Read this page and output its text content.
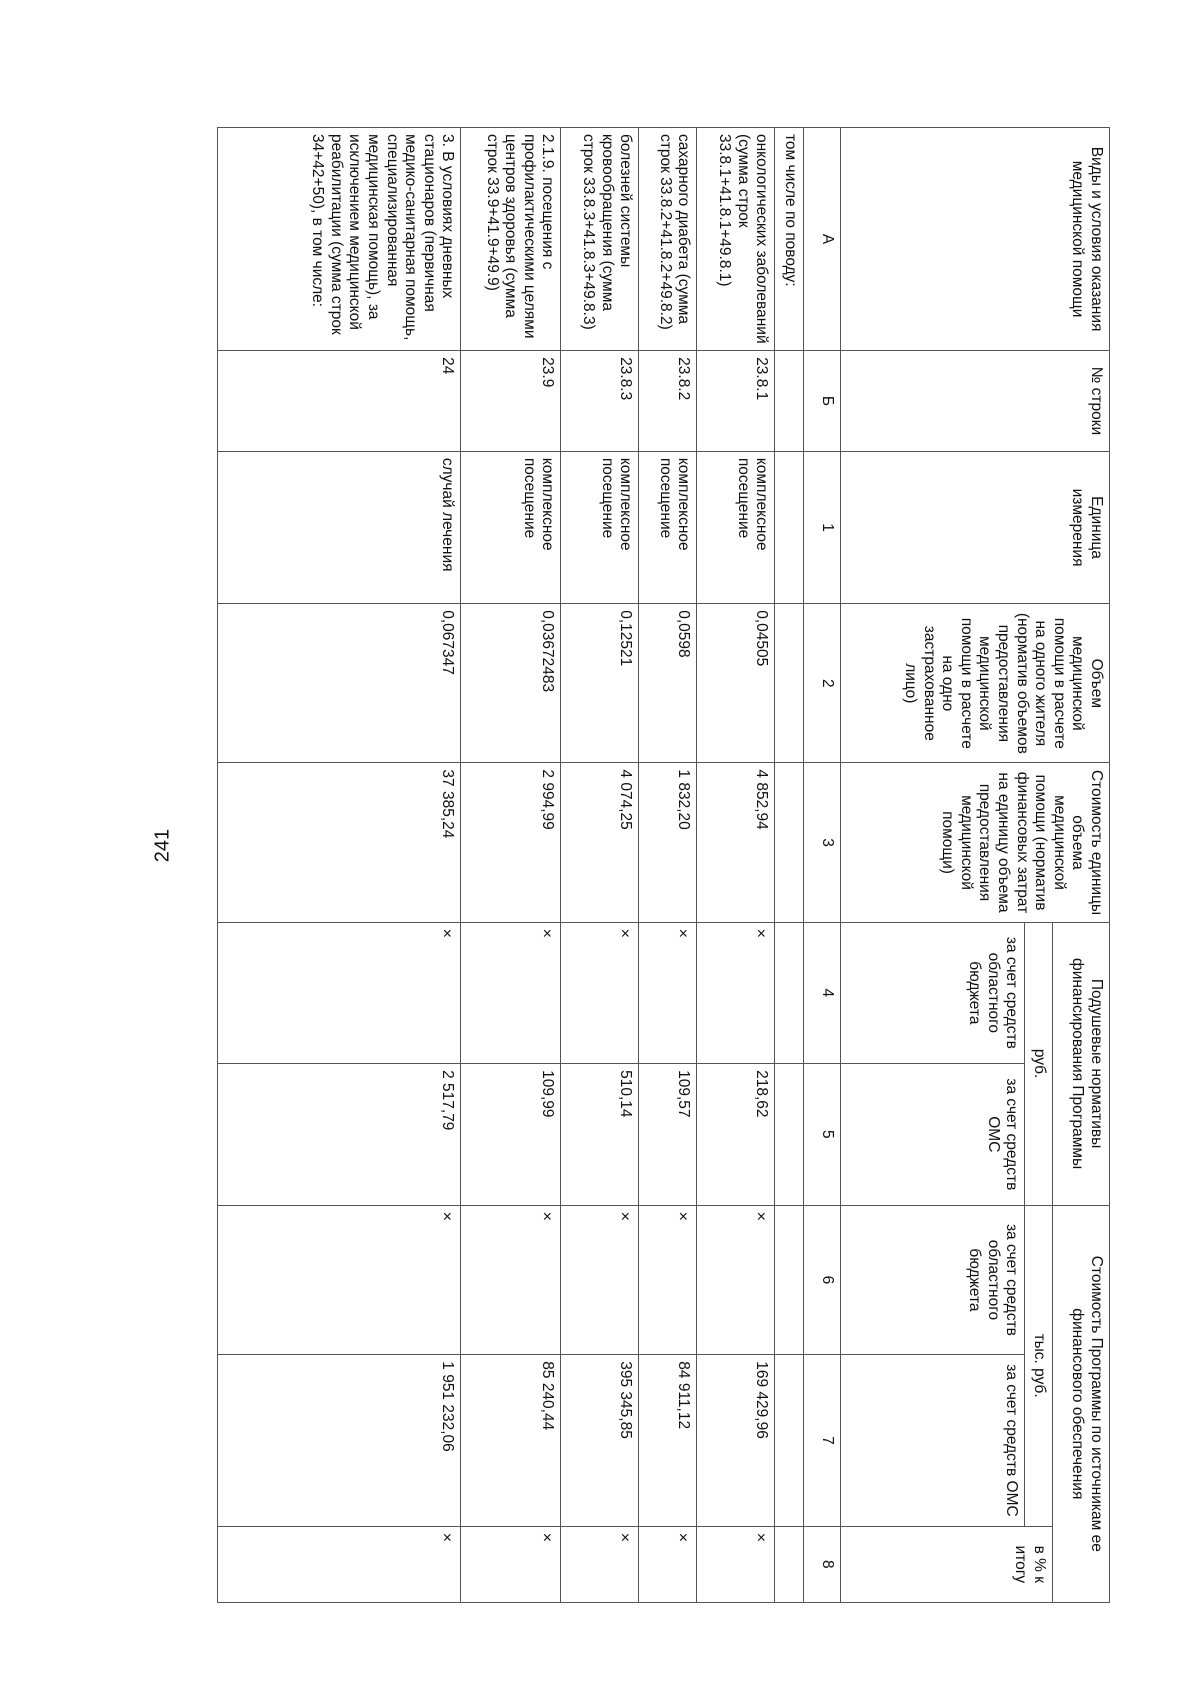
241
Виды и условия оказания медицинской помощи	№ строки	Единица измерения	Объем медицинской помощи в расчете на одного жителя (норматив объемов предоставления медицинской помощи в расчете на одно застрахованное лицо)	Стоимость единицы объема медицинской помощи (норматив финансовых затрат на единицу объема предоставления медицинской помощи)	Подушевые нормативы финансирования Программы		Стоимость Программы по источникам ее финансового обеспечения		
					руб.		тыс. руб.		в % к итогу
					за счет средств областного бюджета	за счет средств ОМС	за счет средств областного бюджета	за счет средств ОМС	
А	Б	1	2	3	4	5	6	7	8
том числе по поводу:									
онкологических заболеваний (сумма строк 33.8.1+41.8.1+49.8.1)	23.8.1	комплексное посещение	0,04505	4 852,94	×	218,62	×	169 429,96	×
сахарного диабета (сумма строк 33.8.2+41.8.2+49.8.2)	23.8.2	комплексное посещение	0,0598	1 832,20	×	109,57	×	84 911,12	×
болезней системы кровообращения (сумма строк 33.8.3+41.8.3+49.8.3)	23.8.3	комплексное посещение	0,12521	4 074,25	×	510,14	×	395 345,85	×
2.1.9. посещения с профилактическими целями центров здоровья (сумма строк 33.9+41.9+49.9)	23.9	комплексное посещение	0,03672483	2 994,99	×	109,99	×	85 240,44	×
3. В условиях дневных стационаров (первичная медико-санитарная помощь, специализированная медицинская помощь), за исключением медицинской реабилитации (сумма строк 34+42+50), в том числе:	24	случай лечения	0,067347	37 385,24	×	2 517,79	×	1 951 232,06	×
